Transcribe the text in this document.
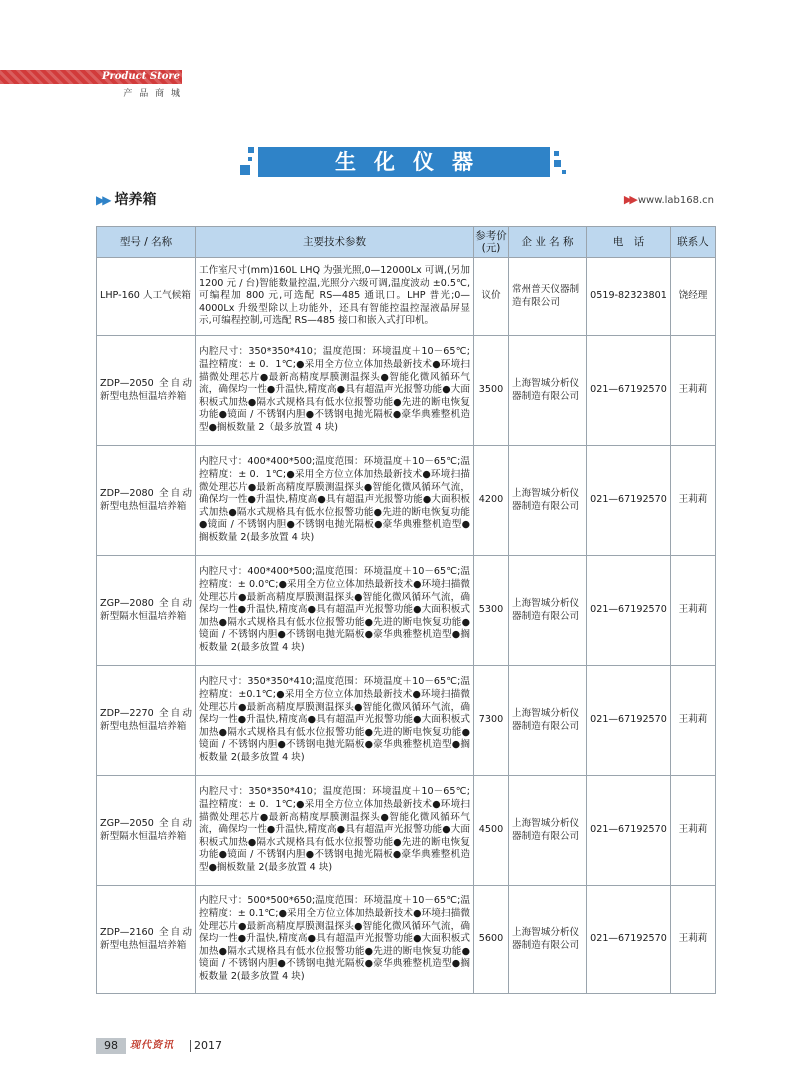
Product Store
产 品 商 城
生化仪器
▶▶ 培养箱	▶▶ www.lab168.cn
型号 / 名称	主要技术参数	参考价(元)	企 业 名 称	电　话	联系人
LHP-160 人工气候箱	工作室尺寸(mm)160L LHQ 为强光照,0—12000Lx 可调,(另加 1200 元 / 台)智能数量控温,光照分六级可调,温度波动 ±0.5℃,可编程加 800 元,可选配 RS—485 通讯口。LHP 普光;0—4000Lx 升级型除以上功能外，还具有智能控温控湿液晶屏显示,可编程控制,可选配 RS—485 接口和嵌入式打印机。	议价	常州普天仪器制造有限公司	0519-82323801	饶经理
ZDP—2050 全自动新型电热恒温培养箱	内腔尺寸：350*350*410；温度范围：环境温度＋10－65℃;温控精度：± 0．1℃;●采用全方位立体加热最新技术●环境扫描微处理芯片●最新高精度厚膜测温探头●智能化微风循环气流，确保均一性●升温快,精度高●具有超温声光报警功能●大面积板式加热●隔水式规格具有低水位报警功能●先进的断电恢复功能●镜面 / 不锈钢内胆●不锈钢电抛光隔板●豪华典雅整机造型●搁板数量 2（最多放置 4 块)	3500	上海智城分析仪器制造有限公司	021—67192570	王莉莉
ZDP—2080 全自动新型电热恒温培养箱	内腔尺寸：400*400*500;温度范围：环境温度＋10－65℃;温控精度：± 0．1℃;●采用全方位立体加热最新技术●环境扫描微处理芯片●最新高精度厚膜测温探头●智能化微风循环气流，确保均一性●升温快,精度高●具有超温声光报警功能●大面积板式加热●隔水式规格具有低水位报警功能●先进的断电恢复功能●镜面 / 不锈钢内胆●不锈钢电抛光隔板●豪华典雅整机造型●搁板数量 2(最多放置 4 块)	4200	上海智城分析仪器制造有限公司	021—67192570	王莉莉
ZGP—2080 全自动新型隔水恒温培养箱	内腔尺寸：400*400*500;温度范围：环境温度＋10－65℃;温控精度：± 0.0℃;●采用全方位立体加热最新技术●环境扫描微处理芯片●最新高精度厚膜测温探头●智能化微风循环气流，确保均一性●升温快,精度高●具有超温声光报警功能●大面积板式加热●隔水式规格具有低水位报警功能●先进的断电恢复功能●镜面 / 不锈钢内胆●不锈钢电抛光隔板●豪华典雅整机造型●搁板数量 2(最多放置 4 块)	5300	上海智城分析仪器制造有限公司	021—67192570	王莉莉
ZDP—2270 全自动新型电热恒温培养箱	内腔尺寸：350*350*410;温度范围：环境温度＋10－65℃;温控精度：±0.1℃;●采用全方位立体加热最新技术●环境扫描微处理芯片●最新高精度厚膜测温探头●智能化微风循环气流，确保均一性●升温快,精度高●具有超温声光报警功能●大面积板式加热●隔水式规格具有低水位报警功能●先进的断电恢复功能●镜面 / 不锈钢内胆●不锈钢电抛光隔板●豪华典雅整机造型●搁板数量 2(最多放置 4 块)	7300	上海智城分析仪器制造有限公司	021—67192570	王莉莉
ZGP—2050 全自动新型隔水恒温培养箱	内腔尺寸：350*350*410；温度范围：环境温度＋10－65℃;温控精度：± 0．1℃;●采用全方位立体加热最新技术●环境扫描微处理芯片●最新高精度厚膜测温探头●智能化微风循环气流，确保均一性●升温快,精度高●具有超温声光报警功能●大面积板式加热●隔水式规格具有低水位报警功能●先进的断电恢复功能●镜面 / 不锈钢内胆●不锈钢电抛光隔板●豪华典雅整机造型●搁板数量 2(最多放置 4 块)	4500	上海智城分析仪器制造有限公司	021—67192570	王莉莉
ZDP—2160 全自动新型电热恒温培养箱	内腔尺寸：500*500*650;温度范围：环境温度＋10－65℃;温控精度：± 0.1℃;●采用全方位立体加热最新技术●环境扫描微处理芯片●最新高精度厚膜测温探头●智能化微风循环气流，确保均一性●升温快,精度高●具有超温声光报警功能●大面积板式加热●隔水式规格具有低水位报警功能●先进的断电恢复功能●镜面 / 不锈钢内胆●不锈钢电抛光隔板●豪华典雅整机造型●搁板数量 2(最多放置 4 块)	5600	上海智城分析仪器制造有限公司	021—67192570	王莉莉
98	现代资讯 2017
